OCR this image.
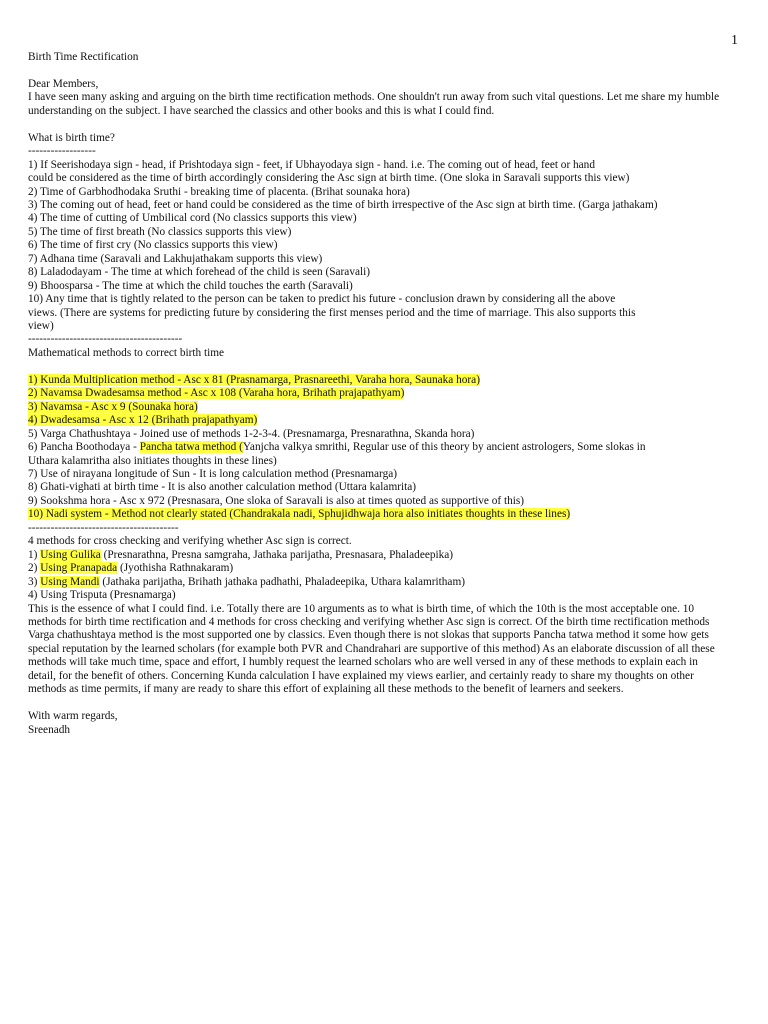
1
Birth Time Rectification
Dear Members,
I have seen many asking and arguing on the birth time rectification methods. One shouldn't run away from such vital questions. Let me share my humble
understanding on the subject. I have searched the classics and other books and this is what I could find.
What is birth time?
------------------
1) If Seerishodaya sign - head, if Prishtodaya sign - feet, if Ubhayodaya sign - hand. i.e. The coming out of head, feet or hand
could be considered as the time of birth accordingly considering the Asc sign at birth time. (One sloka in Saravali supports this view)
2) Time of Garbhodhodaka Sruthi - breaking time of placenta. (Brihat sounaka hora)
3) The coming out of head, feet or hand could be considered as the time of birth irrespective of the Asc sign at birth time. (Garga jathakam)
4) The time of cutting of Umbilical cord (No classics supports this view)
5) The time of first breath (No classics supports this view)
6) The time of first cry (No classics supports this view)
7) Adhana time (Saravali and Lakhujathakam supports this view)
8) Laladodayam - The time at which forehead of the child is seen (Saravali)
9) Bhoosparsa - The time at which the child touches the earth (Saravali)
10) Any time that is tightly related to the person can be taken to predict his future - conclusion drawn by considering all the above
views. (There are systems for predicting future by considering the first menses period and the time of marriage. This also supports this
view)
-----------------------------------------
Mathematical methods to correct birth time
1) Kunda Multiplication method - Asc x 81 (Prasnamarga, Prasnareethi, Varaha hora, Saunaka hora)
2) Navamsa Dwadesamsa method - Asc x 108 (Varaha hora, Brihath prajapathyam)
3) Navamsa - Asc x 9 (Sounaka hora)
4) Dwadesamsa - Asc x 12 (Brihath prajapathyam)
5) Varga Chathushtaya - Joined use of methods 1-2-3-4. (Presnamarga, Presnarathna, Skanda hora)
6) Pancha Boothodaya - Pancha tatwa method (Yanjcha valkya smrithi, Regular use of this theory by ancient astrologers, Some slokas in
Uthara kalamritha also initiates thoughts in these lines)
7) Use of nirayana longitude of Sun - It is long calculation method (Presnamarga)
8) Ghati-vighati at birth time - It is also another calculation method (Uttara kalamrita)
9) Sookshma hora - Asc x 972 (Presnasara, One sloka of Saravali is also at times quoted as supportive of this)
10) Nadi system - Method not clearly stated (Chandrakala nadi, Sphujidhwaja hora also initiates thoughts in these lines)
----------------------------------------
4 methods for cross checking and verifying whether Asc sign is correct.
1) Using Gulika (Presnarathna, Presna samgraha, Jathaka parijatha, Presnasara, Phaladeepika)
2) Using Pranapada (Jyothisha Rathnakaram)
3) Using Mandi (Jathaka parijatha, Brihath jathaka padhathi, Phaladeepika, Uthara kalamritham)
4) Using Trisputa (Presnamarga)
This is the essence of what I could find. i.e. Totally there are 10 arguments as to what is birth time, of which the 10th is the most acceptable one. 10
methods for birth time rectification and 4 methods for cross checking and verifying whether Asc sign is correct. Of the birth time rectification methods
Varga chathushtaya method is the most supported one by classics. Even though there is not slokas that supports Pancha tatwa method it some how gets
special reputation by the learned scholars (for example both PVR and Chandrahari are supportive of this method) As an elaborate discussion of all these
methods will take much time, space and effort, I humbly request the learned scholars who are well versed in any of these methods to explain each in
detail, for the benefit of others. Concerning Kunda calculation I have explained my views earlier, and certainly ready to share my thoughts on other
methods as time permits, if many are ready to share this effort of explaining all these methods to the benefit of learners and seekers.
With warm regards,
Sreenadh
